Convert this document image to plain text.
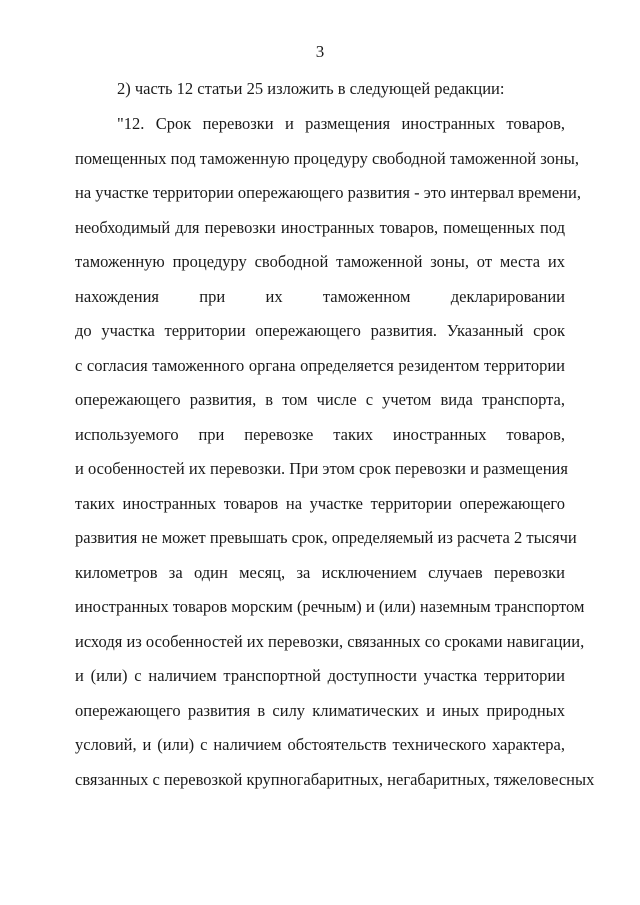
3
2) часть 12 статьи 25 изложить в следующей редакции:
"12. Срок перевозки и размещения иностранных товаров,
помещенных под таможенную процедуру свободной таможенной зоны,
на участке территории опережающего развития - это интервал времени,
необходимый для перевозки иностранных товаров, помещенных под
таможенную процедуру свободной таможенной зоны, от места их
нахождения при их таможенном декларировании
до участка территории опережающего развития. Указанный срок
с согласия таможенного органа определяется резидентом территории
опережающего развития, в том числе с учетом вида транспорта,
используемого при перевозке таких иностранных товаров,
и особенностей их перевозки. При этом срок перевозки и размещения
таких иностранных товаров на участке территории опережающего
развития не может превышать срок, определяемый из расчета 2 тысячи
километров за один месяц, за исключением случаев перевозки
иностранных товаров морским (речным) и (или) наземным транспортом
исходя из особенностей их перевозки, связанных со сроками навигации,
и (или) с наличием транспортной доступности участка территории
опережающего развития в силу климатических и иных природных
условий, и (или) с наличием обстоятельств технического характера,
связанных с перевозкой крупногабаритных, негабаритных, тяжеловесных
